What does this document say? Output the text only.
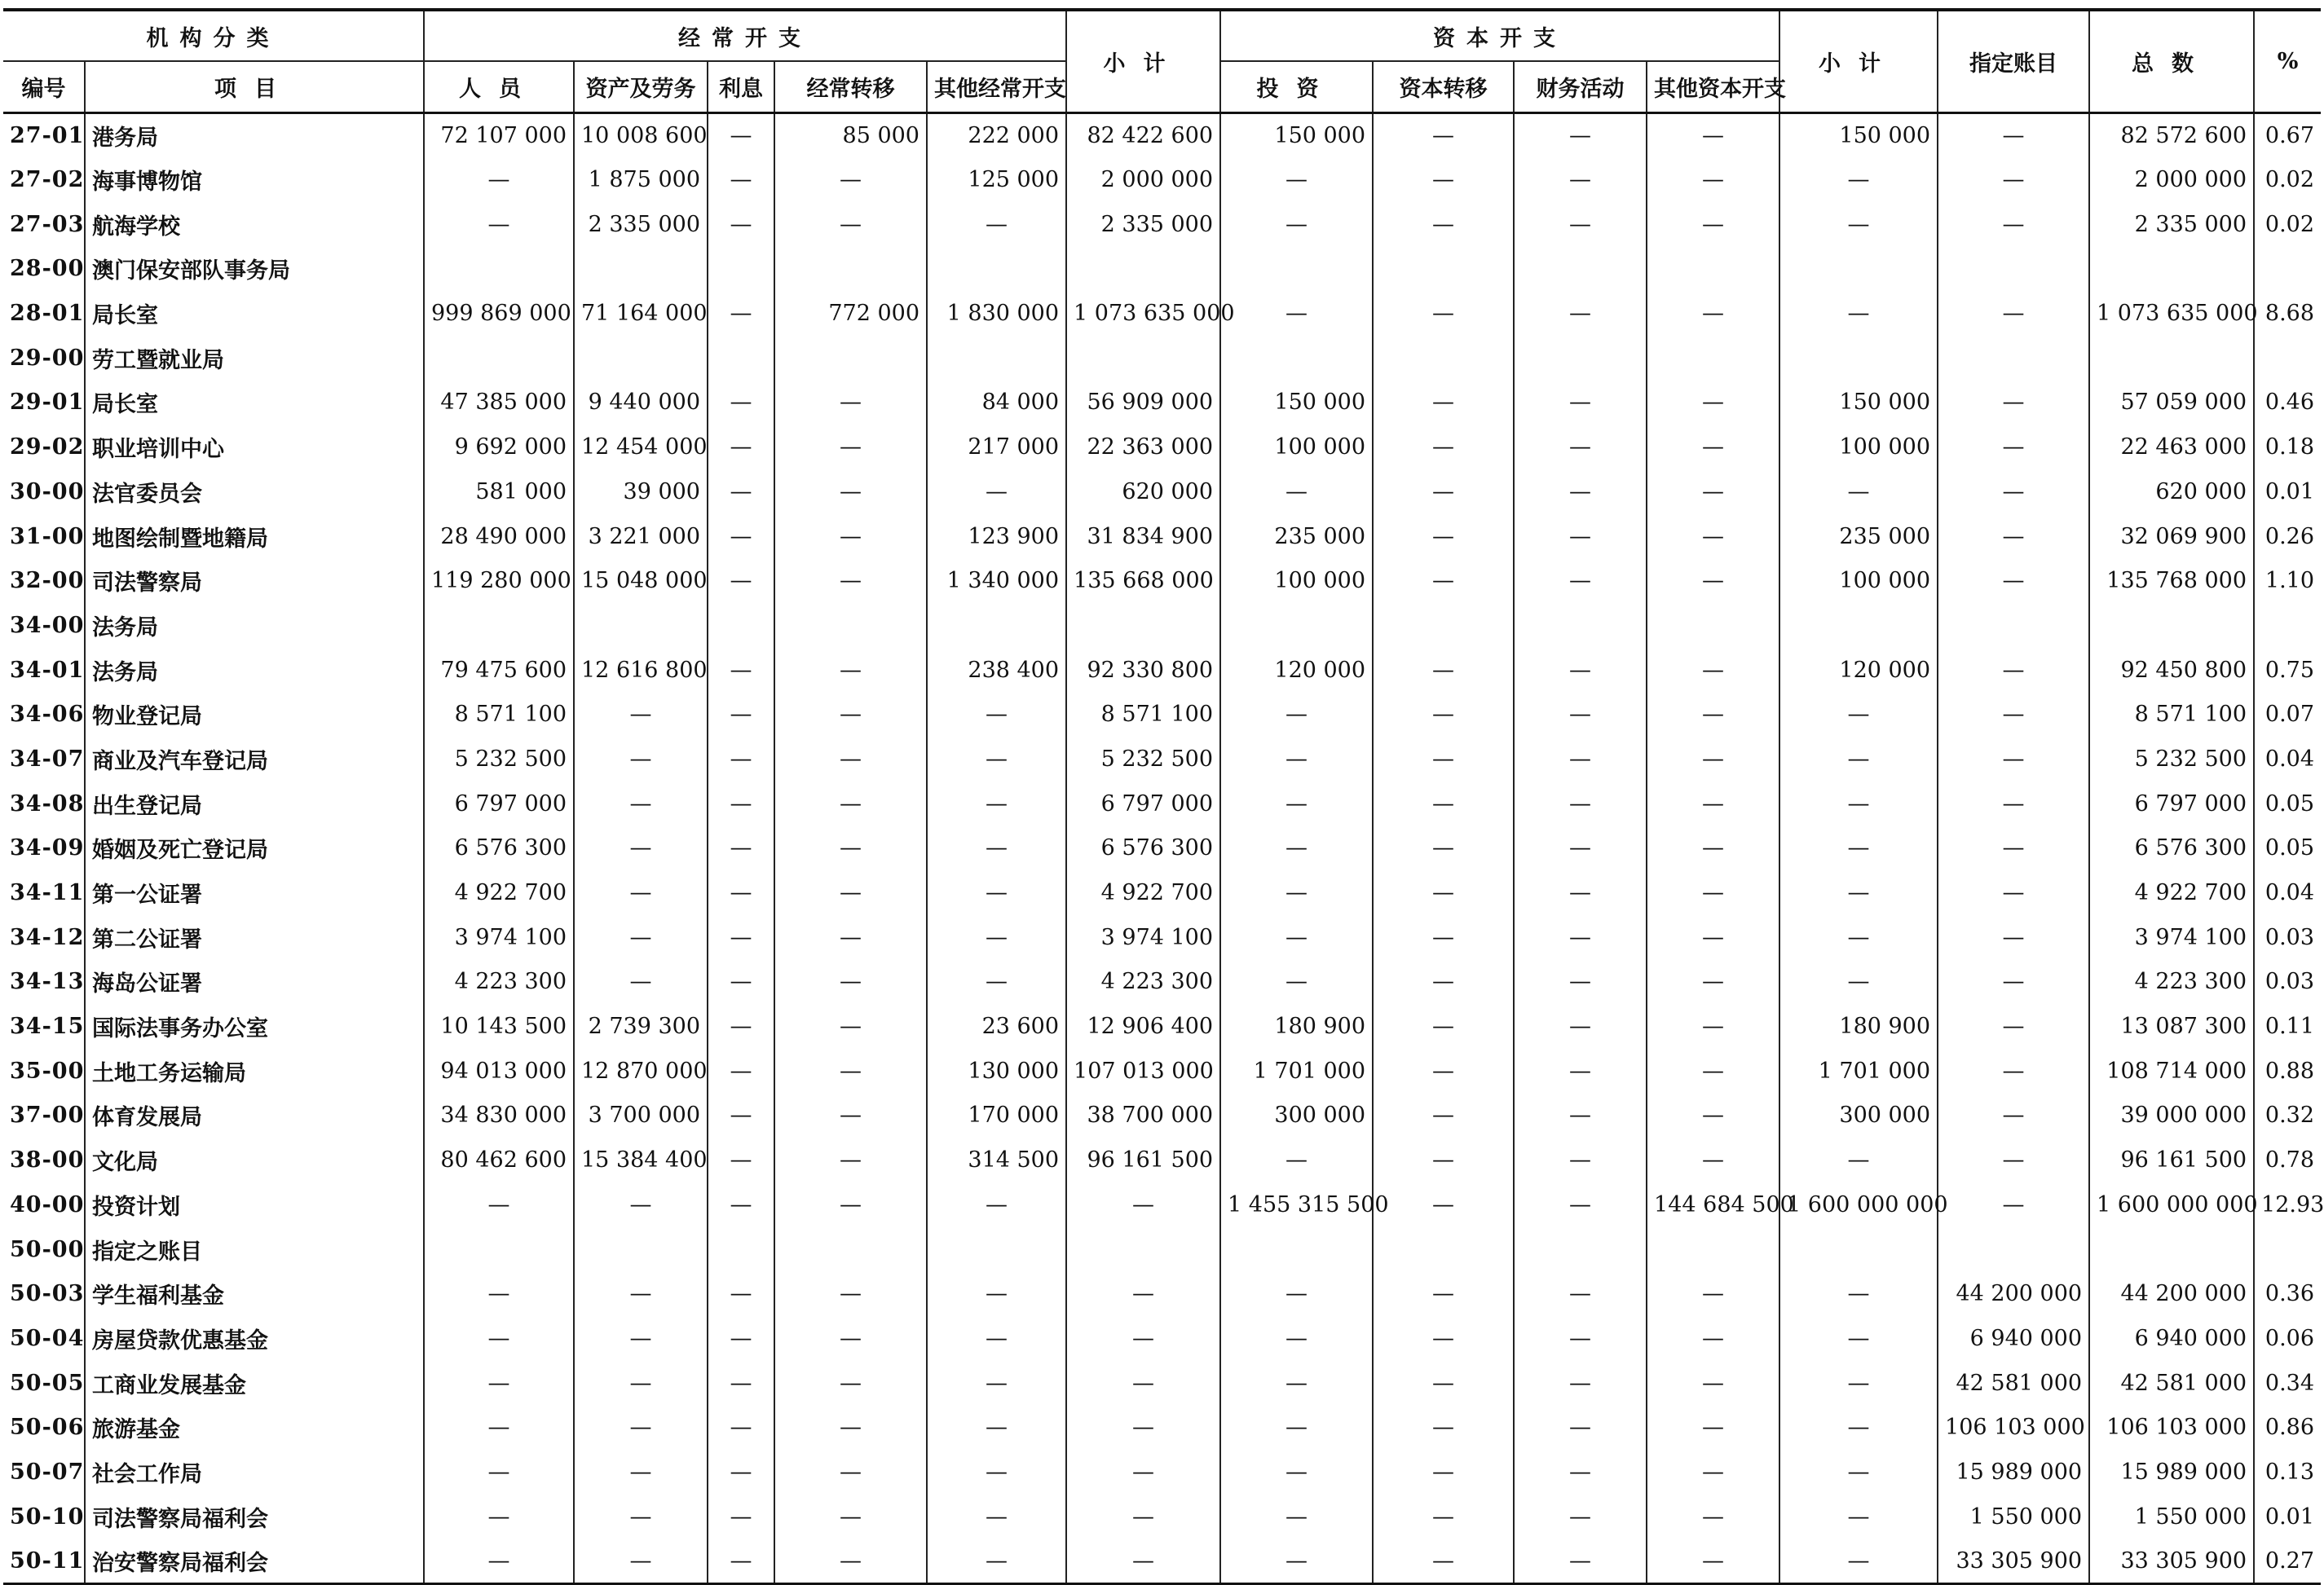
机构分类		经常开支					小计	资本开支				小计	指定账目	总数	%
编号	项目	人员	资产及劳务	利息	经常转移	其他经常开支		投资	资本转移	财务活动	其他资本开支				
27-01	港务局	72 107 000	10 008 600	—	85 000	222 000	82 422 600	150 000	—	—	—	150 000	—	82 572 600	0.67
27-02	海事博物馆	—	1 875 000	—	—	125 000	2 000 000	—	—	—	—	—	—	2 000 000	0.02
27-03	航海学校	—	2 335 000	—	—	—	2 335 000	—	—	—	—	—	—	2 335 000	0.02
28-00	澳门保安部队事务局														
28-01	局长室	999 869 000	71 164 000	—	772 000	1 830 000	1 073 635 000	—	—	—	—	—	—	1 073 635 000	8.68
29-00	劳工暨就业局														
29-01	局长室	47 385 000	9 440 000	—	—	84 000	56 909 000	150 000	—	—	—	150 000	—	57 059 000	0.46
29-02	职业培训中心	9 692 000	12 454 000	—	—	217 000	22 363 000	100 000	—	—	—	100 000	—	22 463 000	0.18
30-00	法官委员会	581 000	39 000	—	—	—	620 000	—	—	—	—	—	—	620 000	0.01
31-00	地图绘制暨地籍局	28 490 000	3 221 000	—	—	123 900	31 834 900	235 000	—	—	—	235 000	—	32 069 900	0.26
32-00	司法警察局	119 280 000	15 048 000	—	—	1 340 000	135 668 000	100 000	—	—	—	100 000	—	135 768 000	1.10
34-00	法务局														
34-01	法务局	79 475 600	12 616 800	—	—	238 400	92 330 800	120 000	—	—	—	120 000	—	92 450 800	0.75
34-06	物业登记局	8 571 100	—	—	—	—	8 571 100	—	—	—	—	—	—	8 571 100	0.07
34-07	商业及汽车登记局	5 232 500	—	—	—	—	5 232 500	—	—	—	—	—	—	5 232 500	0.04
34-08	出生登记局	6 797 000	—	—	—	—	6 797 000	—	—	—	—	—	—	6 797 000	0.05
34-09	婚姻及死亡登记局	6 576 300	—	—	—	—	6 576 300	—	—	—	—	—	—	6 576 300	0.05
34-11	第一公证署	4 922 700	—	—	—	—	4 922 700	—	—	—	—	—	—	4 922 700	0.04
34-12	第二公证署	3 974 100	—	—	—	—	3 974 100	—	—	—	—	—	—	3 974 100	0.03
34-13	海岛公证署	4 223 300	—	—	—	—	4 223 300	—	—	—	—	—	—	4 223 300	0.03
34-15	国际法事务办公室	10 143 500	2 739 300	—	—	23 600	12 906 400	180 900	—	—	—	180 900	—	13 087 300	0.11
35-00	土地工务运输局	94 013 000	12 870 000	—	—	130 000	107 013 000	1 701 000	—	—	—	1 701 000	—	108 714 000	0.88
37-00	体育发展局	34 830 000	3 700 000	—	—	170 000	38 700 000	300 000	—	—	—	300 000	—	39 000 000	0.32
38-00	文化局	80 462 600	15 384 400	—	—	314 500	96 161 500	—	—	—	—	—	—	96 161 500	0.78
40-00	投资计划	—	—	—	—	—	—	1 455 315 500	—	—	144 684 500	1 600 000 000	—	1 600 000 000	12.93
50-00	指定之账目														
50-03	学生福利基金	—	—	—	—	—	—	—	—	—	—	—	44 200 000	44 200 000	0.36
50-04	房屋贷款优惠基金	—	—	—	—	—	—	—	—	—	—	—	6 940 000	6 940 000	0.06
50-05	工商业发展基金	—	—	—	—	—	—	—	—	—	—	—	42 581 000	42 581 000	0.34
50-06	旅游基金	—	—	—	—	—	—	—	—	—	—	—	106 103 000	106 103 000	0.86
50-07	社会工作局	—	—	—	—	—	—	—	—	—	—	—	15 989 000	15 989 000	0.13
50-10	司法警察局福利会	—	—	—	—	—	—	—	—	—	—	—	1 550 000	1 550 000	0.01
50-11	治安警察局福利会	—	—	—	—	—	—	—	—	—	—	—	33 305 900	33 305 900	0.27
